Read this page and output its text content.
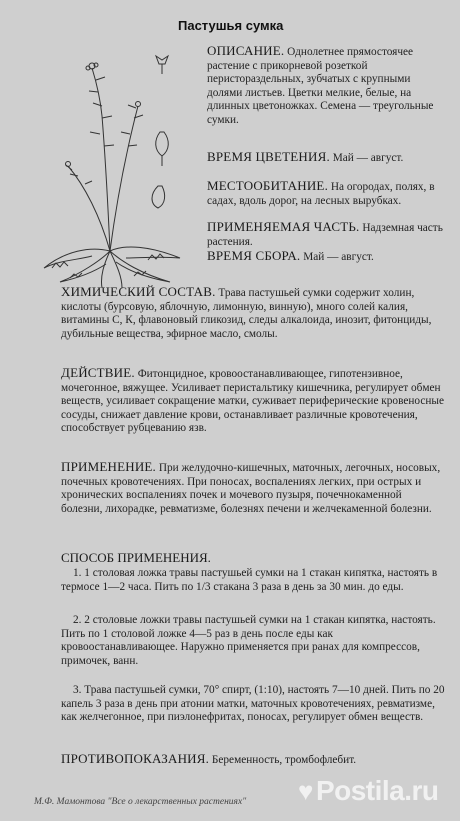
Пастушья сумка
ОПИСАНИЕ. Однолетнее прямостоячее растение с прикорневой розеткой перистораздельных, зубчатых с крупными долями листьев. Цветки мелкие, белые, на длинных цветоножках. Семена — треугольные сумки.
ВРЕМЯ ЦВЕТЕНИЯ. Май — август.
МЕСТООБИТАНИЕ. На огородах, полях, в садах, вдоль дорог, на лесных вырубках.
ПРИМЕНЯЕМАЯ ЧАСТЬ. Надземная часть растения.
ВРЕМЯ СБОРА. Май — август.
ХИМИЧЕСКИЙ СОСТАВ. Трава пастушьей сумки содержит холин, кислоты (бурсовую, яблочную, лимонную, винную), много солей калия, витамины С, К, флавоновый гликозид, следы алкалоида, инозит, фитонциды, дубильные вещества, эфирное масло, смолы.
ДЕЙСТВИЕ. Фитонцидное, кровоостанавливающее, гипотензивное, мочегонное, вяжущее. Усиливает перистальтику кишечника, регулирует обмен веществ, усиливает сокращение матки, суживает периферические кровеносные сосуды, снижает давление крови, останавливает различные кровотечения, способствует рубцеванию язв.
ПРИМЕНЕНИЕ. При желудочно-кишечных, маточных, легочных, носовых, почечных кровотечениях. При поносах, воспалениях легких, при острых и хронических воспалениях почек и мочевого пузыря, почечнокаменной болезни, лихорадке, ревматизме, болезнях печени и желчекаменной болезни.
СПОСОБ ПРИМЕНЕНИЯ.
1. 1 столовая ложка травы пастушьей сумки на 1 стакан кипятка, настоять в термосе 1—2 часа. Пить по 1/3 стакана 3 раза в день за 30 мин. до еды.
2. 2 столовые ложки травы пастушьей сумки на 1 стакан кипятка, настоять. Пить по 1 столовой ложке 4—5 раз в день после еды как кровоостанавливающее. Наружно применяется при ранах для компрессов, примочек, ванн.
3. Трава пастушьей сумки, 70° спирт, (1:10), настоять 7—10 дней. Пить по 20 капель 3 раза в день при атонии матки, маточных кровотечениях, ревматизме, как желчегонное, при пиэлонефритах, поносах, регулирует обмен веществ.
ПРОТИВОПОКАЗАНИЯ. Беременность, тромбофлебит.
М.Ф. Мамонтова "Все о лекарственных растениях" ♥ Postila.ru
